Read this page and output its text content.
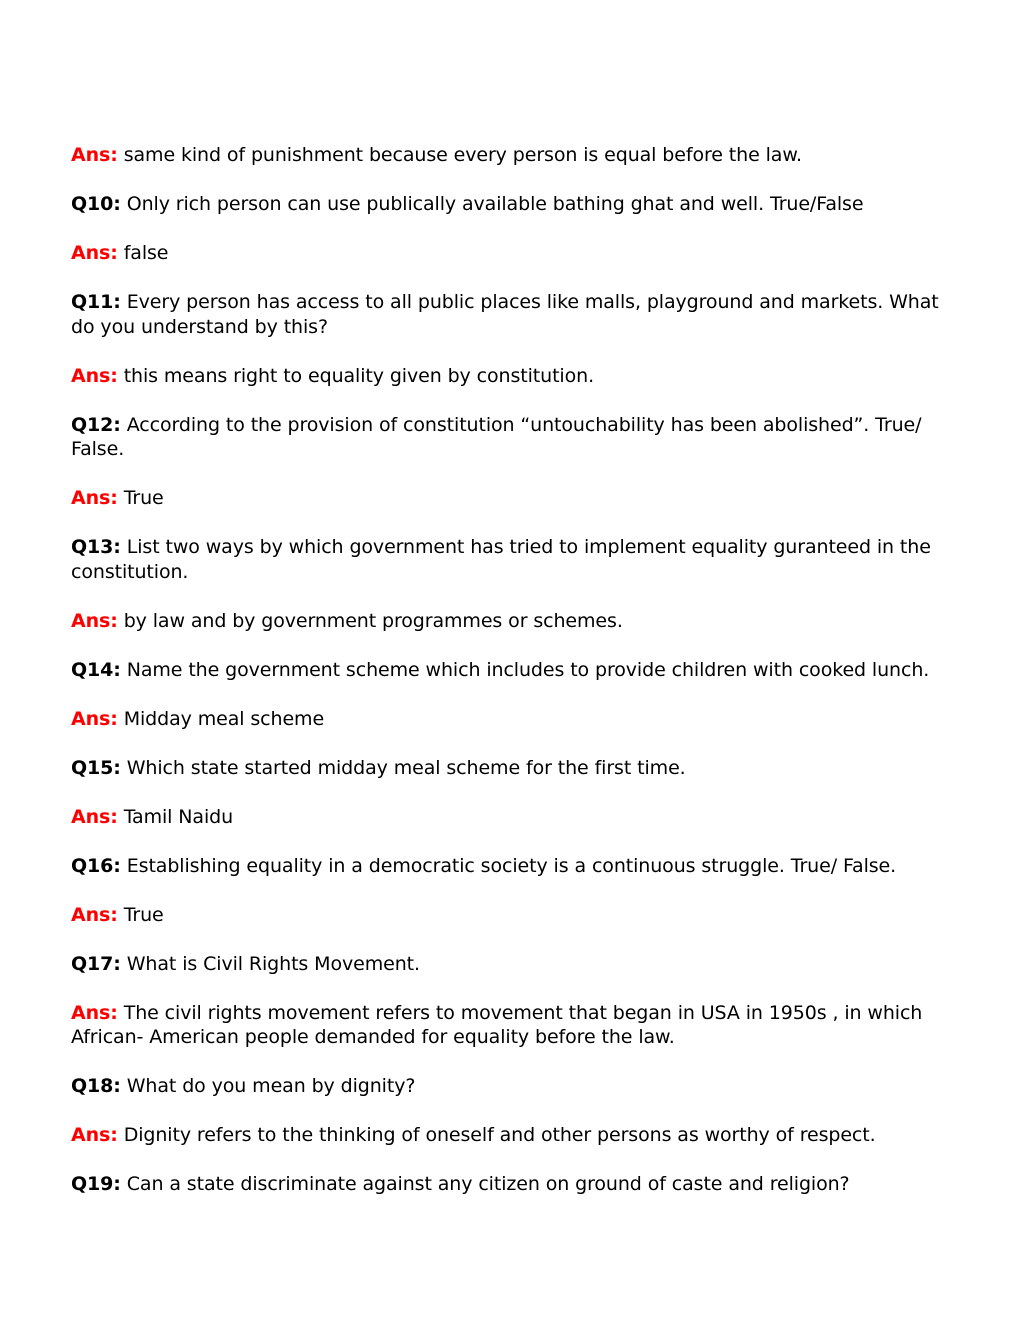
Ans: same kind of punishment because every person is equal before the law.

Q10: Only rich person can use publically available bathing ghat and well. True/False

Ans: false

Q11: Every person has access to all public places like malls, playground and markets. What do you understand by this?

Ans: this means right to equality given by constitution.

Q12: According to the provision of constitution “untouchability has been abolished”. True/ False.

Ans: True

Q13: List two ways by which government has tried to implement equality guranteed in the constitution.

Ans: by law and by government programmes or schemes.

Q14: Name the government scheme which includes to provide children with cooked lunch.

Ans: Midday meal scheme

Q15: Which state started midday meal scheme for the first time.

Ans: Tamil Naidu

Q16: Establishing equality in a democratic society is a continuous struggle. True/ False.

Ans: True

Q17: What is Civil Rights Movement.

Ans: The civil rights movement refers to movement that began in USA in 1950s , in which African- American people demanded for equality before the law.

Q18: What do you mean by dignity?

Ans: Dignity refers to the thinking of oneself and other persons as worthy of respect.

Q19: Can a state discriminate against any citizen on ground of caste and religion?
